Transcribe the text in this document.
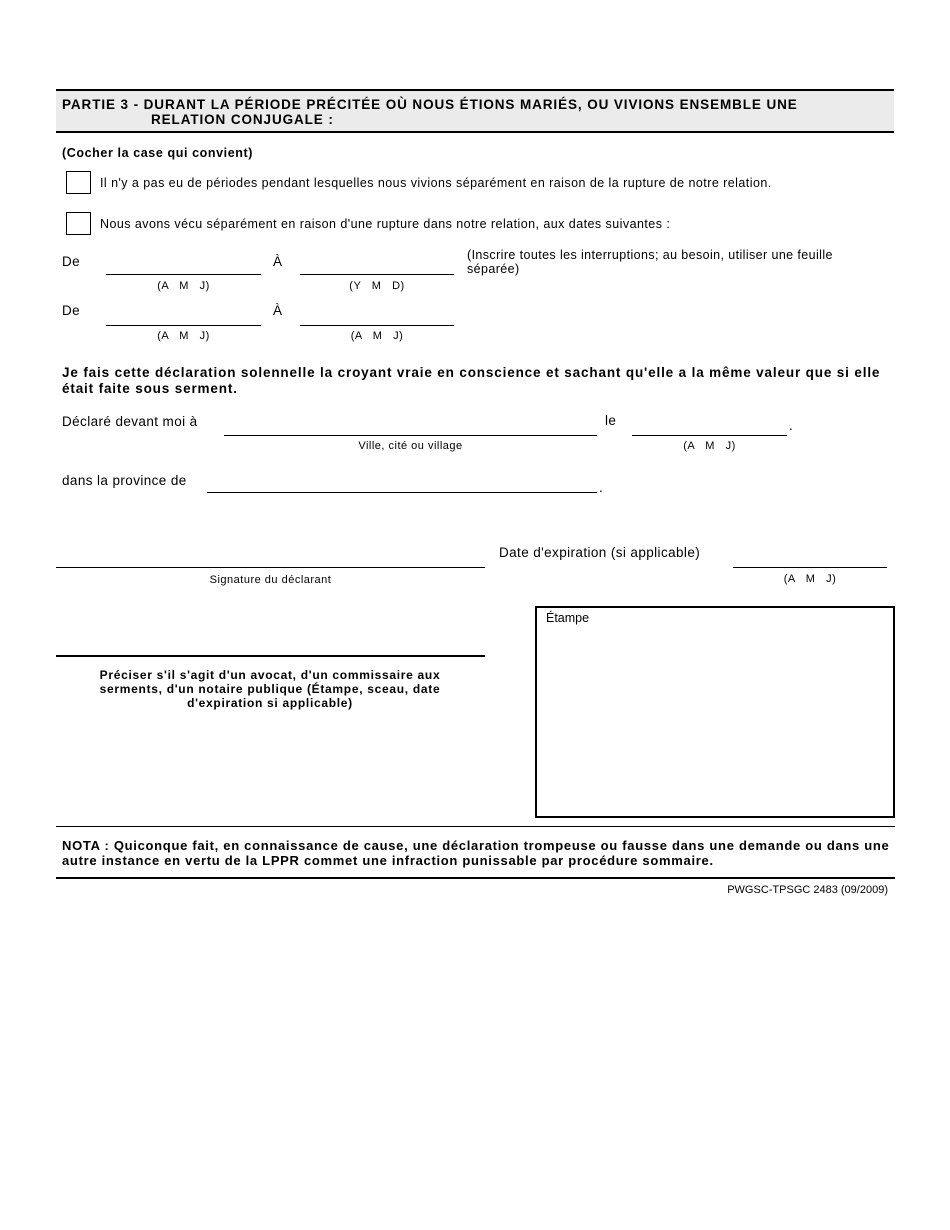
PARTIE 3 - DURANT LA PÉRIODE PRÉCITÉE OÙ NOUS ÉTIONS MARIÉS, OU VIVIONS ENSEMBLE UNE
RELATION CONJUGALE :
(Cocher la case qui convient)
Il n'y a pas eu de périodes pendant lesquelles nous vivions séparément en raison de la rupture de notre relation.
Nous avons vécu séparément en raison d'une rupture dans notre relation, aux dates suivantes :
De
(A   M   J)
À
(Y   M   D)
(Inscrire toutes les interruptions; au besoin, utiliser une feuille séparée)
De
(A   M   J)
À
(A   M   J)
Je fais cette déclaration solennelle la croyant vraie en conscience et sachant qu'elle a la même valeur que si elle était faite sous serment.
Déclaré devant moi à
Ville, cité ou village
le	.
(A   M   J)
dans la province de	.
Signature du déclarant
Date d'expiration (si applicable)
(A   M   J)
Préciser s'il s'agit d'un avocat, d'un commissaire aux serments, d'un notaire publique (Étampe, sceau, date d'expiration si applicable)
Étampe
NOTA : Quiconque fait, en connaissance de cause, une déclaration trompeuse ou fausse dans une demande ou dans une autre instance en vertu de la LPPR commet une infraction punissable par procédure sommaire.
PWGSC-TPSGC 2483 (09/2009)
